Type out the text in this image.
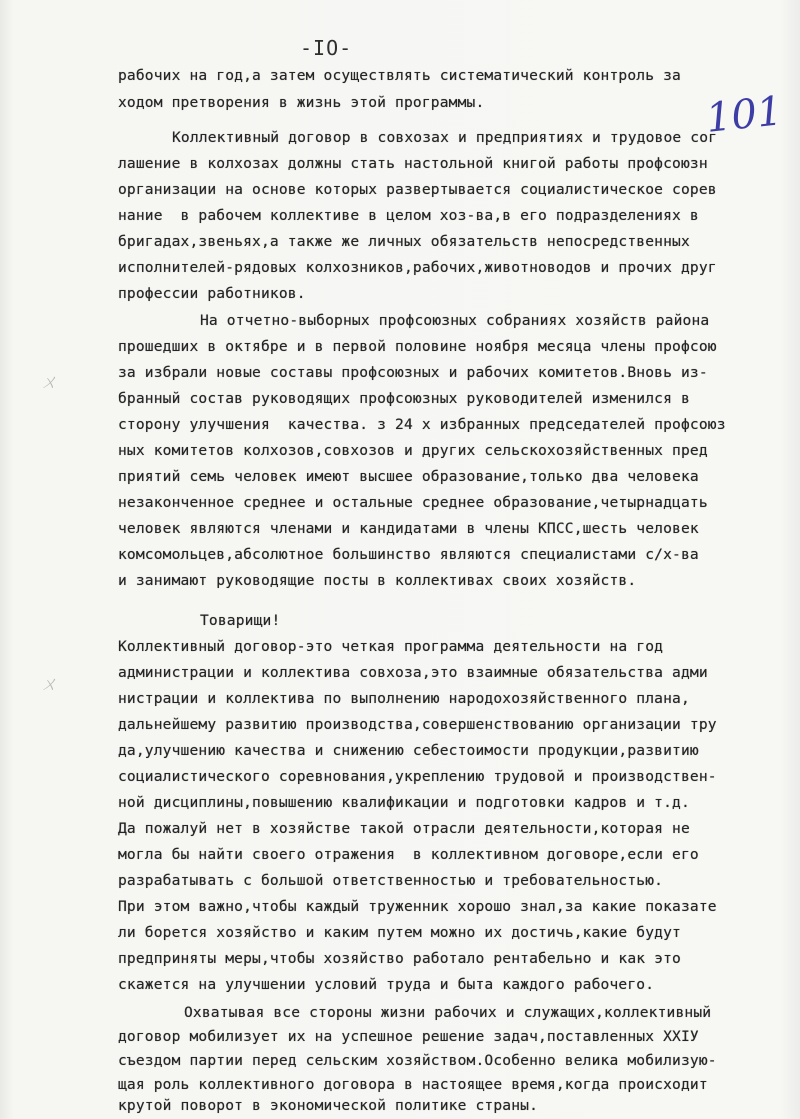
-IO-
101
ㄨ
ㄨ
рабочих на год,а затем осуществлять систематический контроль за
ходом претворения в жизнь этой программы.
Коллективный договор в совхозах и предприятиях и трудовое сог
лашение в колхозах должны стать настольной книгой работы профсоюзн
организации на основе которых развертывается социалистическое сорев
нание  в рабочем коллективе в целом хоз-ва,в его подразделениях в
бригадах,звеньях,а также же личных обязательств непосредственных
исполнителей-рядовых колхозников,рабочих,животноводов и прочих друг
профессии работников.
На отчетно-выборных профсоюзных собраниях хозяйств района
прошедших в октябре и в первой половине ноября месяца члены профсою
за избрали новые составы профсоюзных и рабочих комитетов.Вновь из-
бранный состав руководящих профсоюзных руководителей изменился в
сторону улучшения  качества. з 24 х избранных председателей профсоюз
ных комитетов колхозов,совхозов и других сельскохозяйственных пред
приятий семь человек имеют высшее образование,только два человека
незаконченное среднее и остальные среднее образование,четырнадцать
человек являются членами и кандидатами в члены КПСС,шесть человек
комсомольцев,абсолютное большинство являются специалистами с/х-ва
и занимают руководящие посты в коллективах своих хозяйств.
Товарищи!
Коллективный договор-это четкая программа деятельности на год
администрации и коллектива совхоза,это взаимные обязательства адми
нистрации и коллектива по выполнению народохозяйственного плана,
дальнейшему развитию производства,совершенствованию организации тру
да,улучшению качества и снижению себестоимости продукции,развитию
социалистического соревнования,укреплению трудовой и производствен-
ной дисциплины,повышению квалификации и подготовки кадров и т.д.
Да пожалуй нет в хозяйстве такой отрасли деятельности,которая не
могла бы найти своего отражения  в коллективном договоре,если его
разрабатывать с большой ответственностью и требовательностью.
При этом важно,чтобы каждый труженник хорошо знал,за какие показате
ли борется хозяйство и каким путем можно их достичь,какие будут
предприняты меры,чтобы хозяйство работало рентабельно и как это
скажется на улучшении условий труда и быта каждого рабочего.
Охватывая все стороны жизни рабочих и служащих,коллективный
договор мобилизует их на успешное решение задач,поставленных XXIУ
съездом партии перед сельским хозяйством.Особенно велика мобилизую-
щая роль коллективного договора в настоящее время,когда происходит
крутой поворот в экономической политике страны.
